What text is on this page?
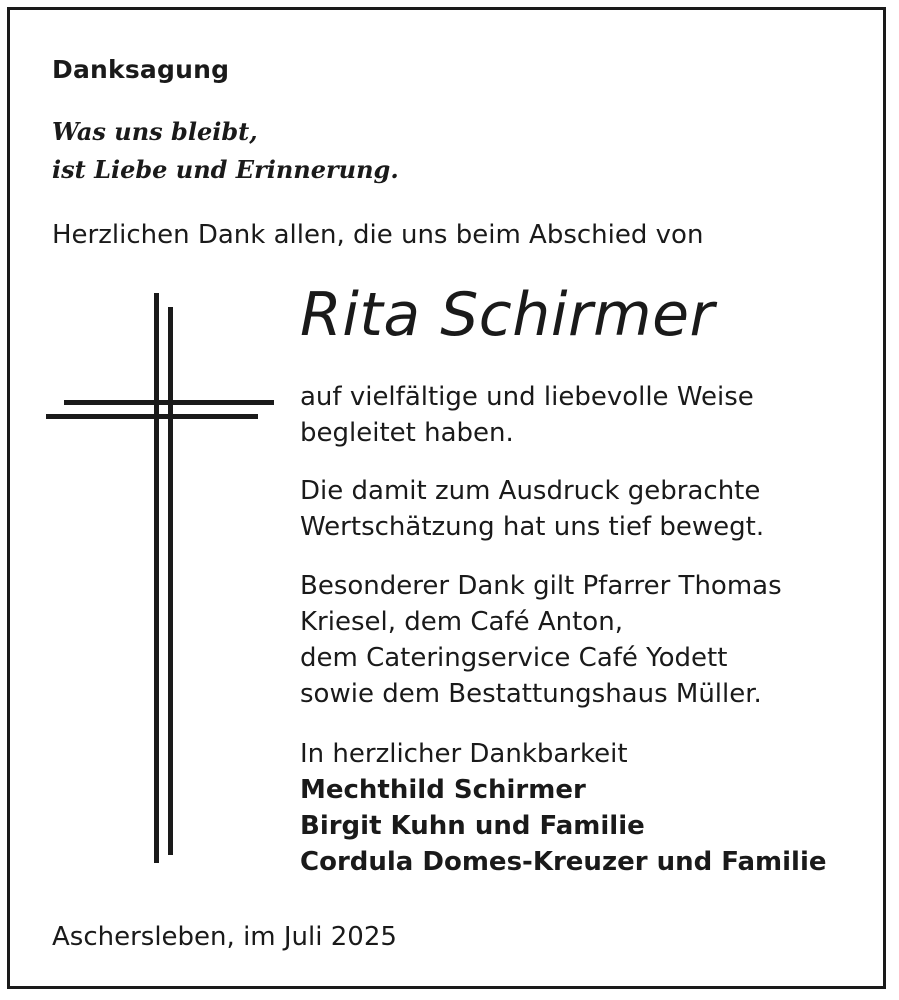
Danksagung
Was uns bleibt,
ist Liebe und Erinnerung.
Herzlichen Dank allen, die uns beim Abschied von
Rita Schirmer
auf vielfältige und liebevolle Weise
begleitet haben.
Die damit zum Ausdruck gebrachte
Wertschätzung hat uns tief bewegt.
Besonderer Dank gilt Pfarrer Thomas
Kriesel, dem Café Anton,
dem Cateringservice Café Yodett
sowie dem Bestattungshaus Müller.
In herzlicher Dankbarkeit
Mechthild Schirmer
Birgit Kuhn und Familie
Cordula Domes-Kreuzer und Familie
Aschersleben, im Juli 2025
